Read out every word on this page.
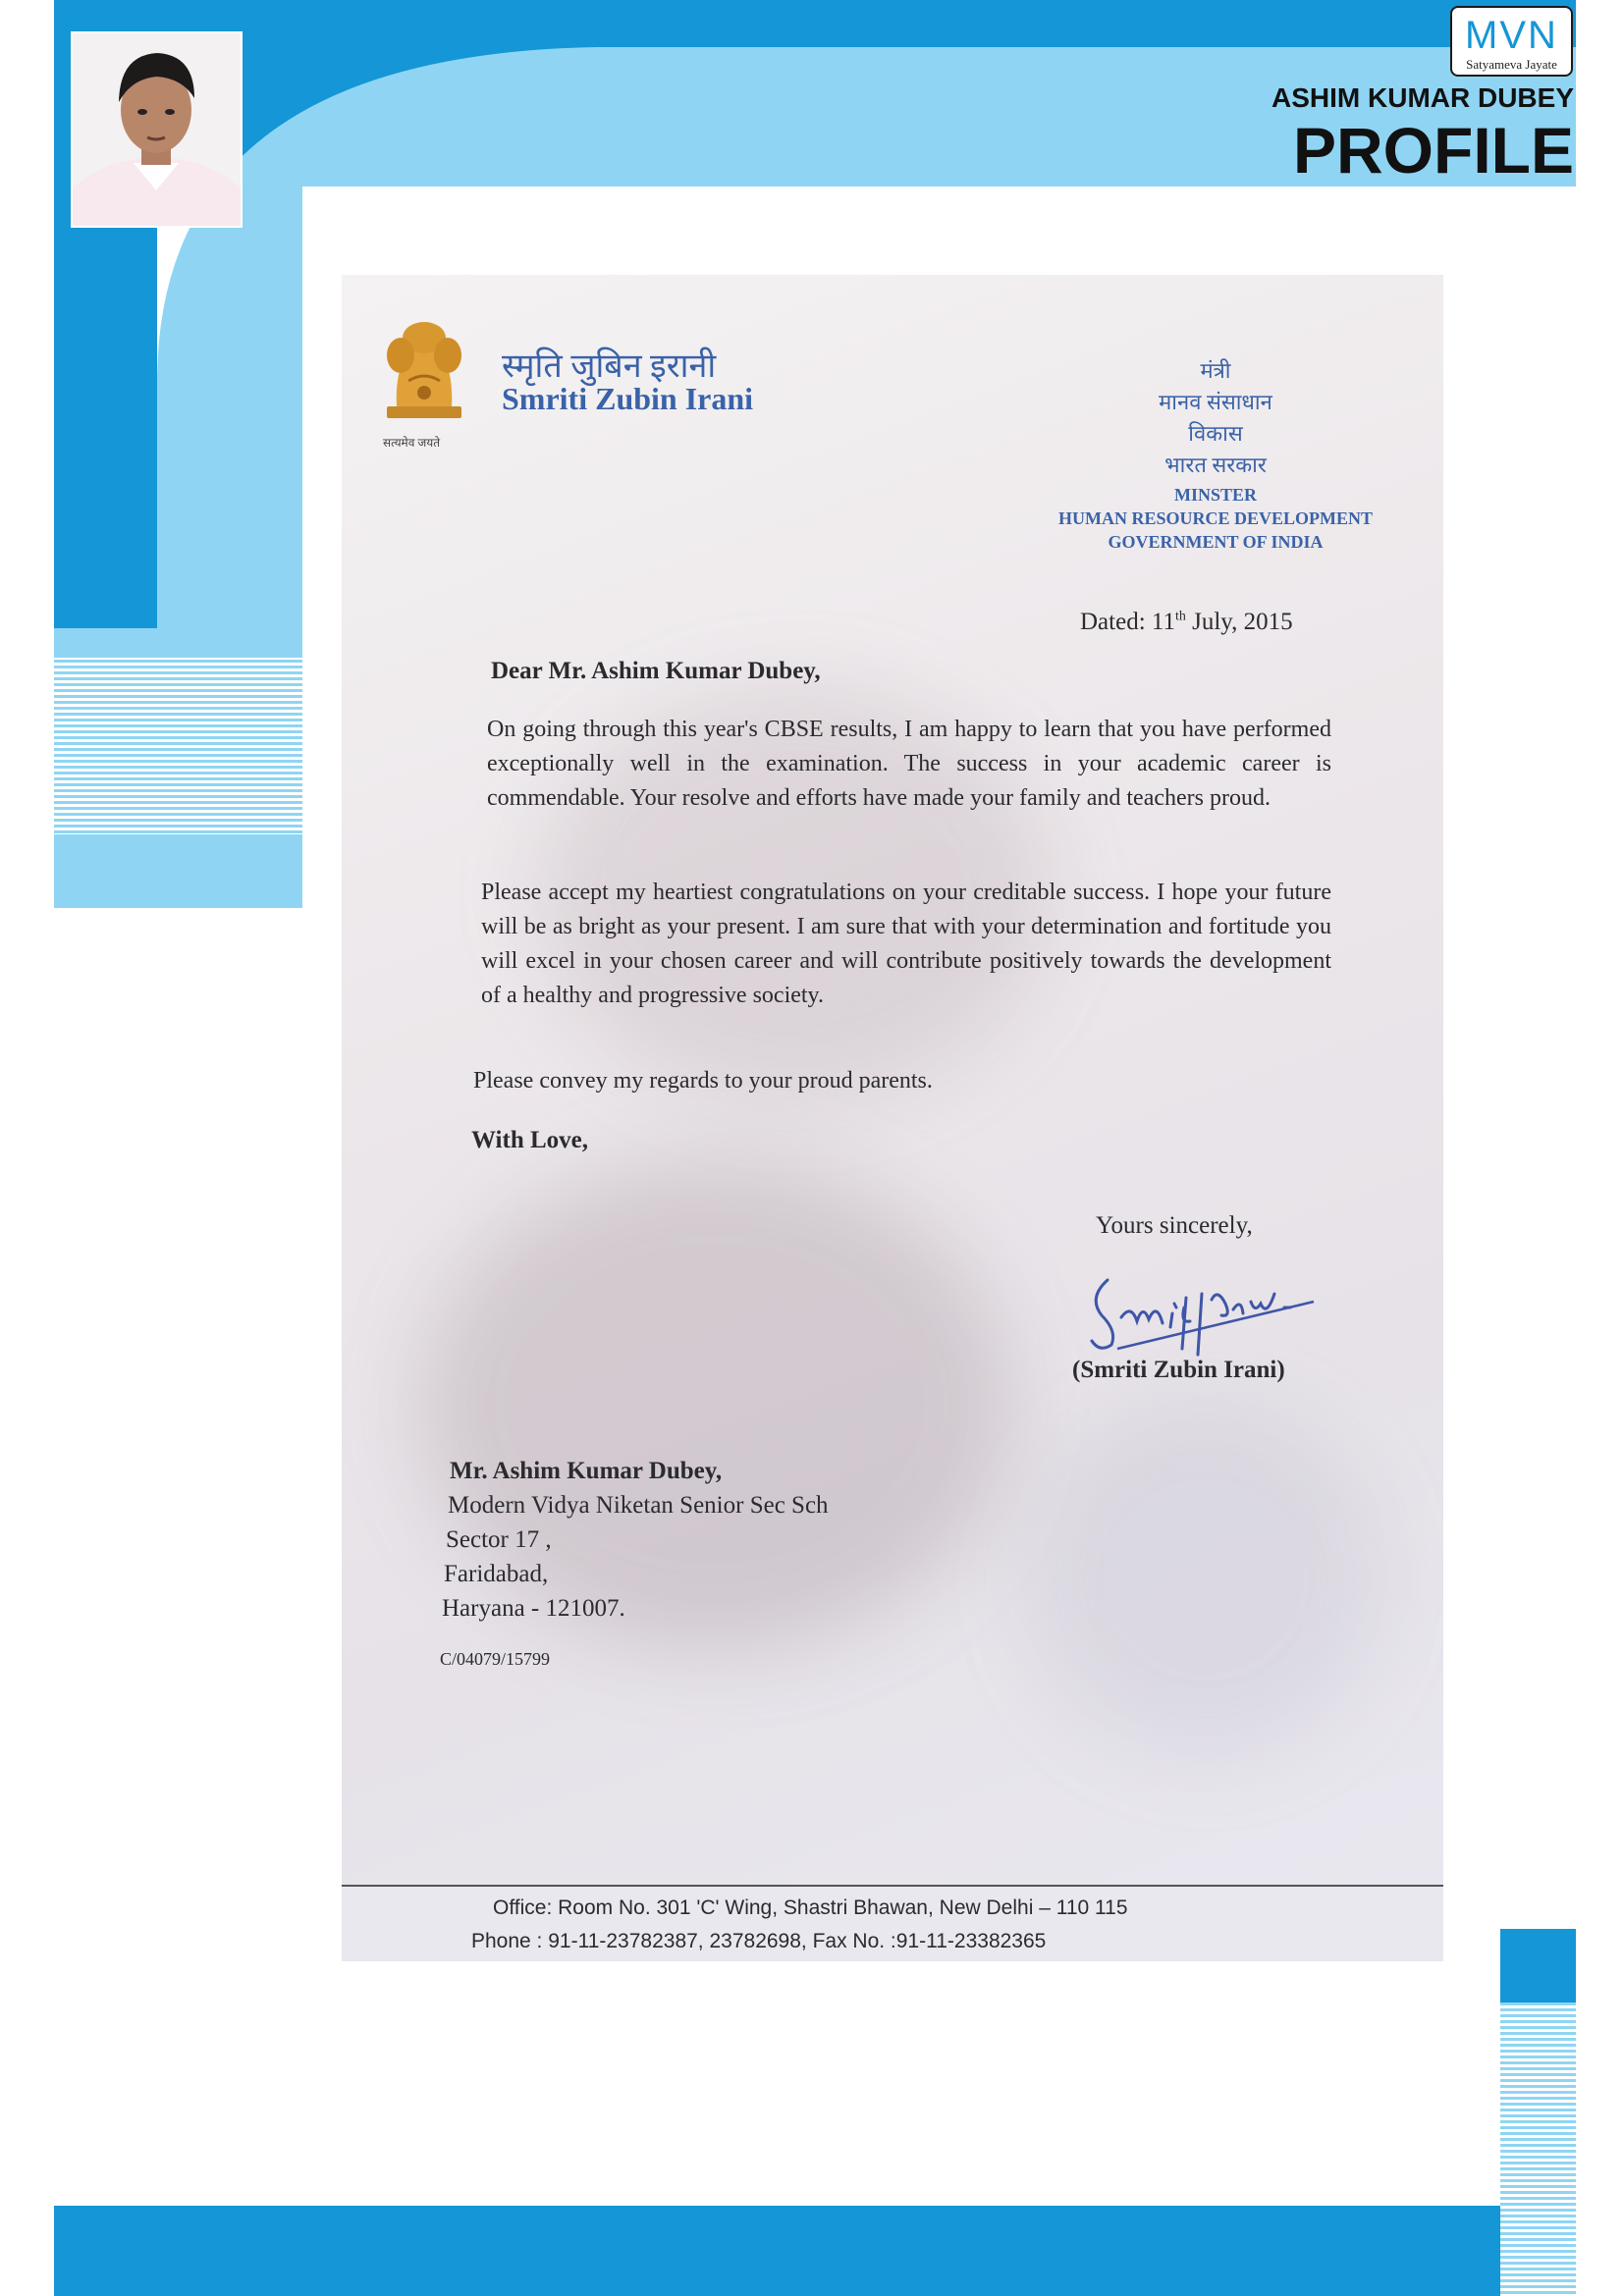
MVN
Satyameva Jayate
ASHIM KUMAR DUBEY
PROFILE
सत्यमेव जयते
स्मृति जुबिन इरानी
Smriti Zubin Irani
मंत्री
मानव संसाधान
विकास
भारत सरकार
MINSTER
HUMAN RESOURCE DEVELOPMENT
GOVERNMENT OF INDIA
Dated: 11th July, 2015
Dear Mr. Ashim Kumar Dubey,
On going through this year's CBSE results, I am happy to learn that you have performed exceptionally well in the examination. The success in your academic career is commendable. Your resolve and efforts have made your family and teachers proud.
Please accept my heartiest congratulations on your creditable success. I hope your future will be as bright as your present. I am sure that with your determination and fortitude you will excel in your chosen career and will contribute positively towards the development of a healthy and progressive society.
Please convey my regards to your proud parents.
With Love,
Yours sincerely,
(Smriti Zubin Irani)
Mr. Ashim Kumar Dubey,
Modern Vidya Niketan Senior Sec Sch
Sector 17 ,
Faridabad,
Haryana - 121007.
C/04079/15799
Office: Room No. 301 'C' Wing, Shastri Bhawan, New Delhi – 110 115
Phone : 91-11-23782387, 23782698, Fax No. :91-11-23382365
